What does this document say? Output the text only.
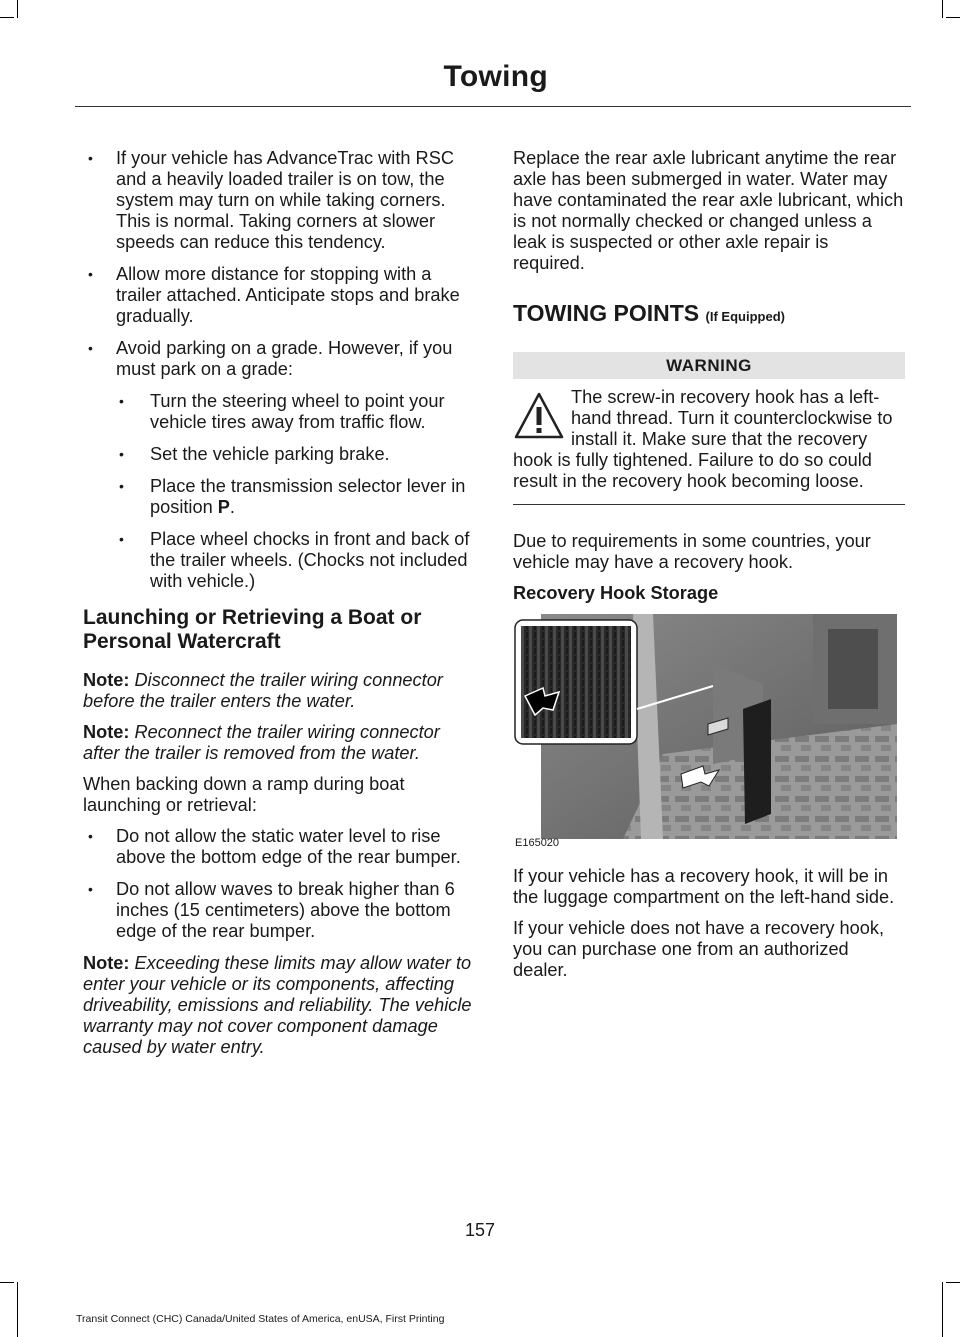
Towing
• If your vehicle has AdvanceTrac with RSC and a heavily loaded trailer is on tow, the system may turn on while taking corners. This is normal. Taking corners at slower speeds can reduce this tendency.
• Allow more distance for stopping with a trailer attached. Anticipate stops and brake gradually.
• Avoid parking on a grade. However, if you must park on a grade:
• Turn the steering wheel to point your vehicle tires away from traffic flow.
• Set the vehicle parking brake.
• Place the transmission selector lever in position P.
• Place wheel chocks in front and back of the trailer wheels. (Chocks not included with vehicle.)
Launching or Retrieving a Boat or Personal Watercraft
Note: Disconnect the trailer wiring connector before the trailer enters the water.
Note: Reconnect the trailer wiring connector after the trailer is removed from the water.
When backing down a ramp during boat launching or retrieval:
• Do not allow the static water level to rise above the bottom edge of the rear bumper.
• Do not allow waves to break higher than 6 inches (15 centimeters) above the bottom edge of the rear bumper.
Note: Exceeding these limits may allow water to enter your vehicle or its components, affecting driveability, emissions and reliability. The vehicle warranty may not cover component damage caused by water entry.
Replace the rear axle lubricant anytime the rear axle has been submerged in water. Water may have contaminated the rear axle lubricant, which is not normally checked or changed unless a leak is suspected or other axle repair is required.
TOWING POINTS (If Equipped)
WARNING
The screw-in recovery hook has a left-hand thread. Turn it counterclockwise to install it. Make sure that the recovery hook is fully tightened. Failure to do so could result in the recovery hook becoming loose.
Due to requirements in some countries, your vehicle may have a recovery hook.
Recovery Hook Storage
E165020
If your vehicle has a recovery hook, it will be in the luggage compartment on the left-hand side.
If your vehicle does not have a recovery hook, you can purchase one from an authorized dealer.
157
Transit Connect (CHC) Canada/United States of America, enUSA, First Printing
